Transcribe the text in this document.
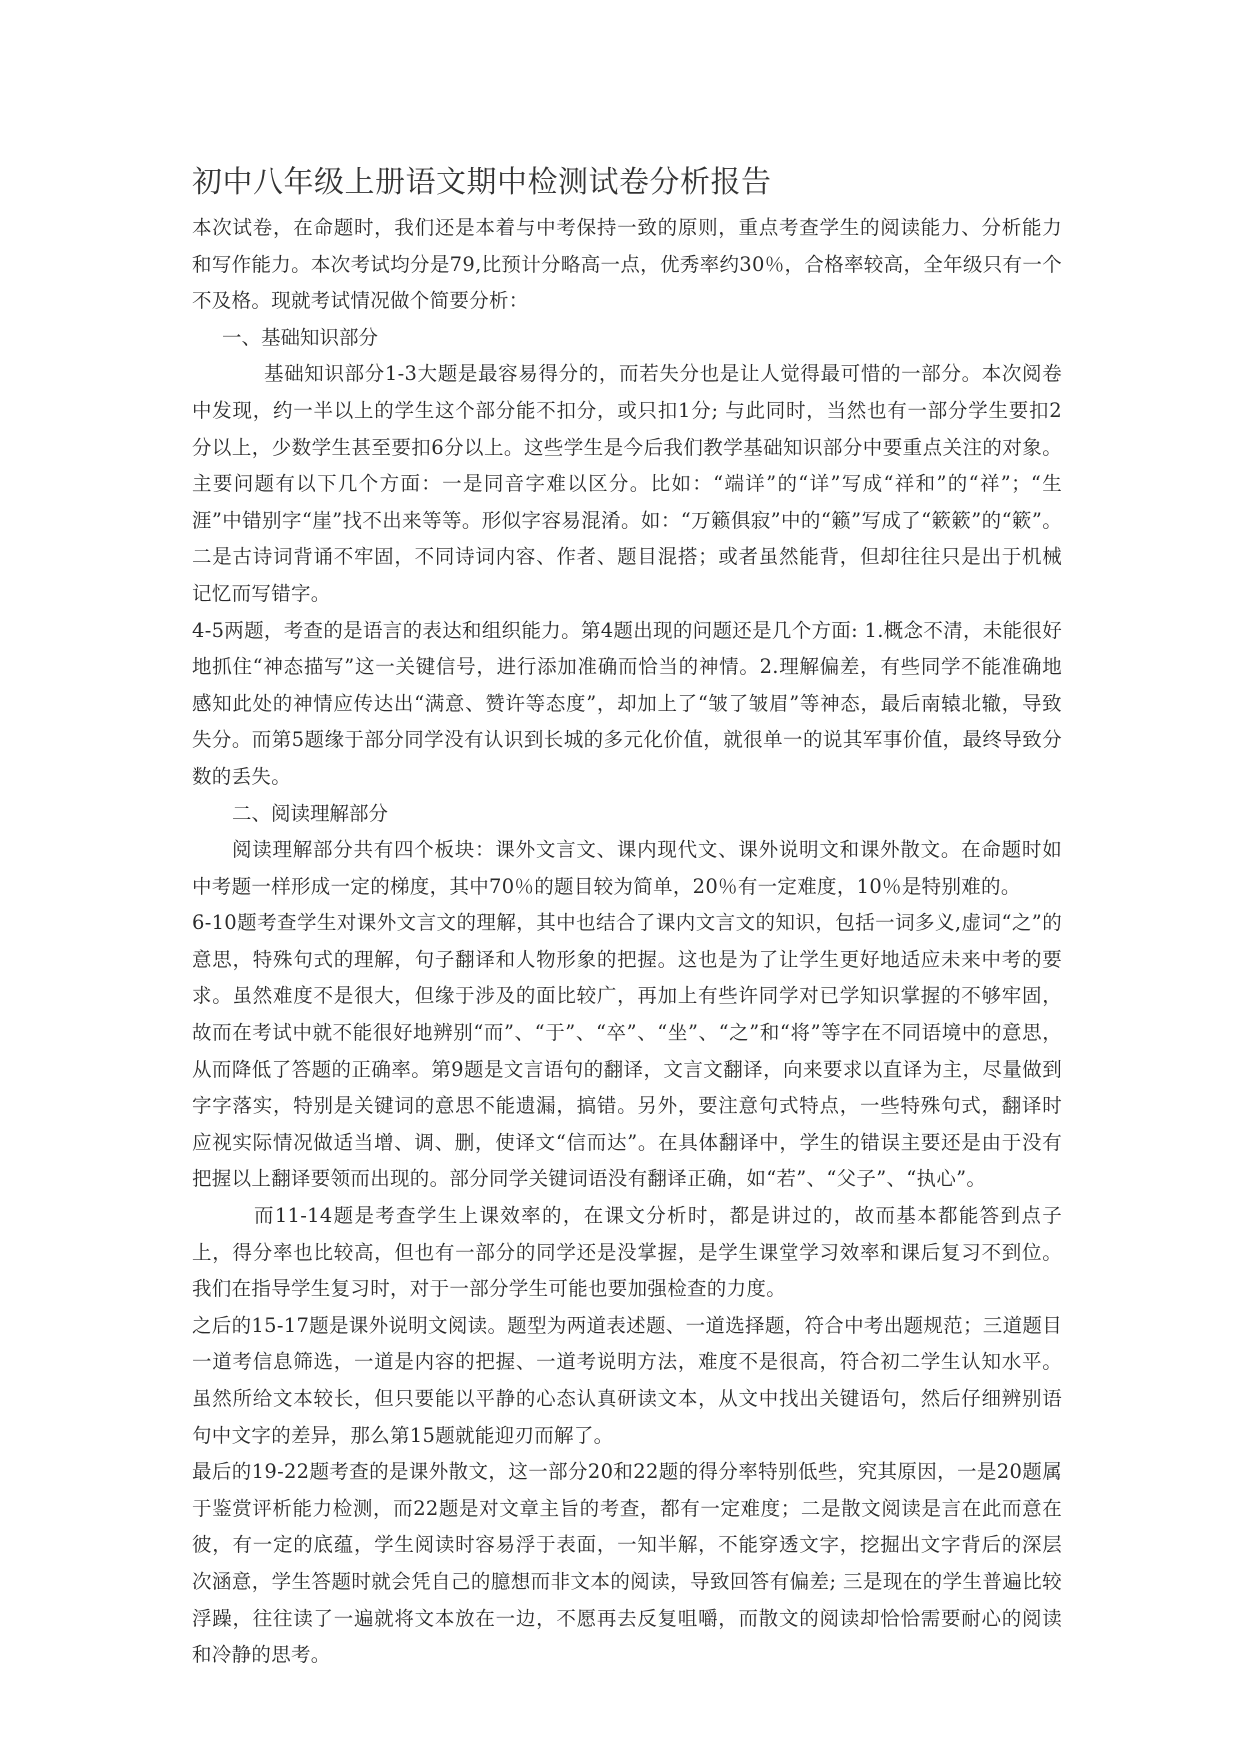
初中八年级上册语文期中检测试卷分析报告

本次试卷，在命题时，我们还是本着与中考保持一致的原则，重点考查学生的阅读能力、分析能力和写作能力。本次考试均分是79,比预计分略高一点，优秀率约30％，合格率较高，全年级只有一个不及格。现就考试情况做个简要分析：

一、基础知识部分

基础知识部分1-3大题是最容易得分的，而若失分也是让人觉得最可惜的一部分。本次阅卷中发现，约一半以上的学生这个部分能不扣分，或只扣1分; 与此同时，当然也有一部分学生要扣2分以上，少数学生甚至要扣6分以上。这些学生是今后我们教学基础知识部分中要重点关注的对象。主要问题有以下几个方面：一是同音字难以区分。比如：“端详”的“详”写成“祥和”的“祥”；“生涯”中错别字“崖”找不出来等等。形似字容易混淆。如：“万籁俱寂”中的“籁”写成了“簌簌”的“簌”。二是古诗词背诵不牢固，不同诗词内容、作者、题目混搭；或者虽然能背，但却往往只是出于机械记忆而写错字。

4-5两题，考查的是语言的表达和组织能力。第4题出现的问题还是几个方面: 1.概念不清，未能很好地抓住“神态描写”这一关键信号，进行添加准确而恰当的神情。2.理解偏差，有些同学不能准确地感知此处的神情应传达出“满意、赞许等态度”，却加上了“皱了皱眉”等神态，最后南辕北辙，导致失分。而第5题缘于部分同学没有认识到长城的多元化价值，就很单一的说其军事价值，最终导致分数的丢失。

二、阅读理解部分

阅读理解部分共有四个板块：课外文言文、课内现代文、课外说明文和课外散文。在命题时如中考题一样形成一定的梯度，其中70％的题目较为简单，20％有一定难度，10％是特别难的。

6-10题考查学生对课外文言文的理解，其中也结合了课内文言文的知识，包括一词多义,虚词“之”的意思，特殊句式的理解，句子翻译和人物形象的把握。这也是为了让学生更好地适应未来中考的要求。虽然难度不是很大，但缘于涉及的面比较广，再加上有些许同学对已学知识掌握的不够牢固，故而在考试中就不能很好地辨别“而”、“于”、“卒”、“坐”、“之”和“将”等字在不同语境中的意思，从而降低了答题的正确率。第9题是文言语句的翻译，文言文翻译，向来要求以直译为主，尽量做到字字落实，特别是关键词的意思不能遗漏，搞错。另外，要注意句式特点，一些特殊句式，翻译时应视实际情况做适当增、调、删，使译文“信而达”。在具体翻译中，学生的错误主要还是由于没有把握以上翻译要领而出现的。部分同学关键词语没有翻译正确，如“若”、“父子”、“执心”。

而11-14题是考查学生上课效率的，在课文分析时，都是讲过的，故而基本都能答到点子上，得分率也比较高，但也有一部分的同学还是没掌握，是学生课堂学习效率和课后复习不到位。我们在指导学生复习时，对于一部分学生可能也要加强检查的力度。

之后的15-17题是课外说明文阅读。题型为两道表述题、一道选择题，符合中考出题规范；三道题目一道考信息筛选，一道是内容的把握、一道考说明方法，难度不是很高，符合初二学生认知水平。虽然所给文本较长，但只要能以平静的心态认真研读文本，从文中找出关键语句，然后仔细辨别语句中文字的差异，那么第15题就能迎刃而解了。

最后的19-22题考查的是课外散文，这一部分20和22题的得分率特别低些，究其原因，一是20题属于鉴赏评析能力检测，而22题是对文章主旨的考查，都有一定难度；二是散文阅读是言在此而意在彼，有一定的底蕴，学生阅读时容易浮于表面，一知半解，不能穿透文字，挖掘出文字背后的深层次涵意，学生答题时就会凭自己的臆想而非文本的阅读，导致回答有偏差; 三是现在的学生普遍比较浮躁，往往读了一遍就将文本放在一边，不愿再去反复咀嚼，而散文的阅读却恰恰需要耐心的阅读和冷静的思考。
